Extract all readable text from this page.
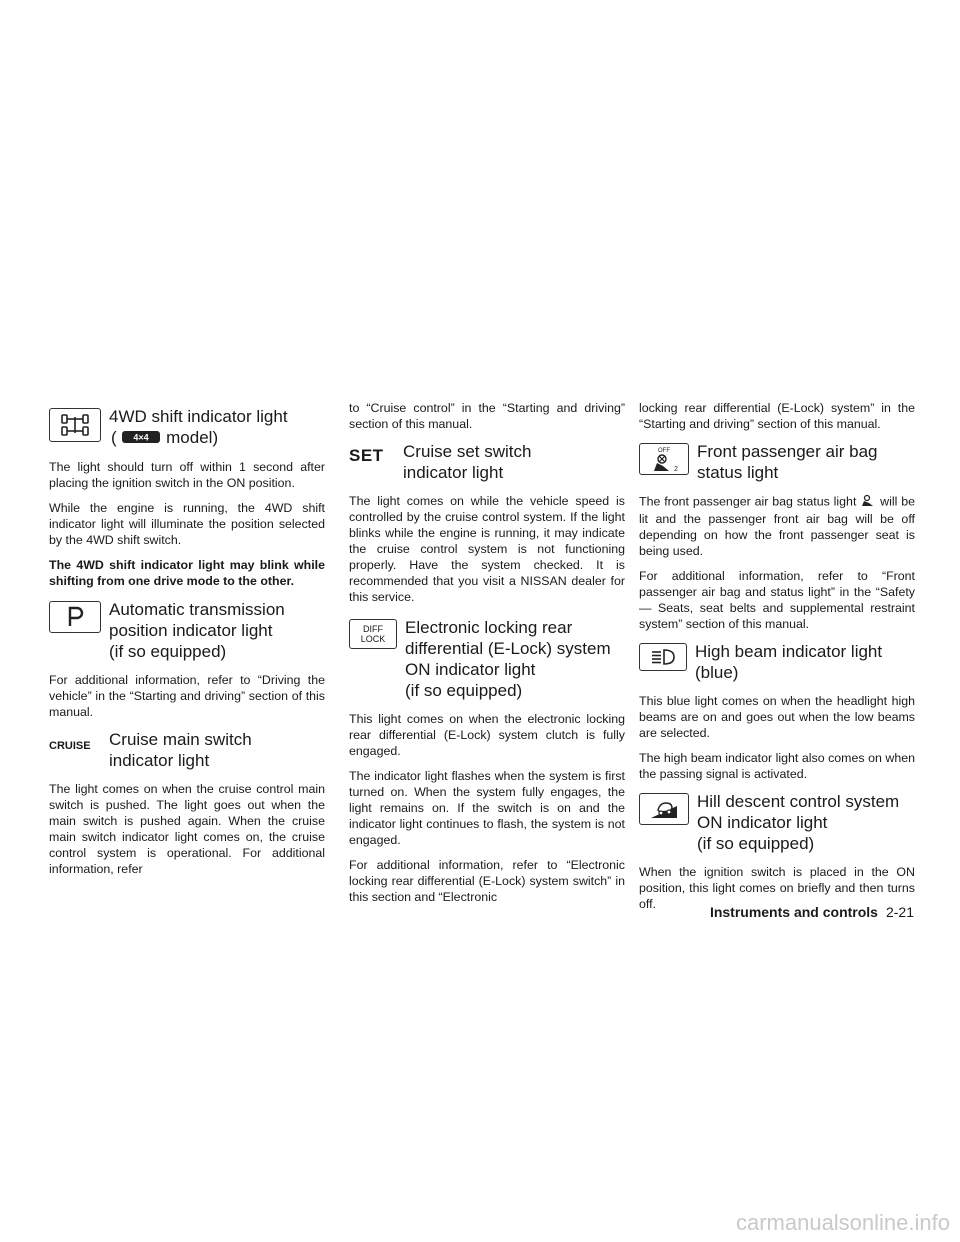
4WD shift indicator light
( 4×4 model)

The light should turn off within 1 second after placing the ignition switch in the ON position.

While the engine is running, the 4WD shift indicator light will illuminate the position selected by the 4WD shift switch.

The 4WD shift indicator light may blink while shifting from one drive mode to the other.

Automatic transmission
position indicator light
(if so equipped)

For additional information, refer to “Driving the vehicle” in the “Starting and driving” section of this manual.

CRUISE	Cruise main switch
indicator light

The light comes on when the cruise control main switch is pushed. The light goes out when the main switch is pushed again. When the cruise main switch indicator light comes on, the cruise control system is operational. For additional information, refer

to “Cruise control” in the “Starting and driving” section of this manual.

SET	Cruise set switch
indicator light

The light comes on while the vehicle speed is controlled by the cruise control system. If the light blinks while the engine is running, it may indicate the cruise control system is not functioning properly. Have the system checked. It is recommended that you visit a NISSAN dealer for this service.

DIFF
LOCK
Electronic locking rear
differential (E-Lock) system
ON indicator light
(if so equipped)

This light comes on when the electronic locking rear differential (E-Lock) system clutch is fully engaged.

The indicator light flashes when the system is first turned on. When the system fully engages, the light remains on. If the switch is on and the indicator light continues to flash, the system is not engaged.

For additional information, refer to “Electronic locking rear differential (E-Lock) system switch” in this section and “Electronic

locking rear differential (E-Lock) system” in the “Starting and driving” section of this manual.

OFF
2
Front passenger air bag
status light

The front passenger air bag status light will be lit and the passenger front air bag will be off depending on how the front passenger seat is being used.

For additional information, refer to “Front passenger air bag and status light” in the “Safety — Seats, seat belts and supplemental restraint system” section of this manual.

High beam indicator light
(blue)

This blue light comes on when the headlight high beams are on and goes out when the low beams are selected.

The high beam indicator light also comes on when the passing signal is activated.

Hill descent control system
ON indicator light
(if so equipped)

When the ignition switch is placed in the ON position, this light comes on briefly and then turns off.	Instruments and controls 2-21
carmanualsonline.info
